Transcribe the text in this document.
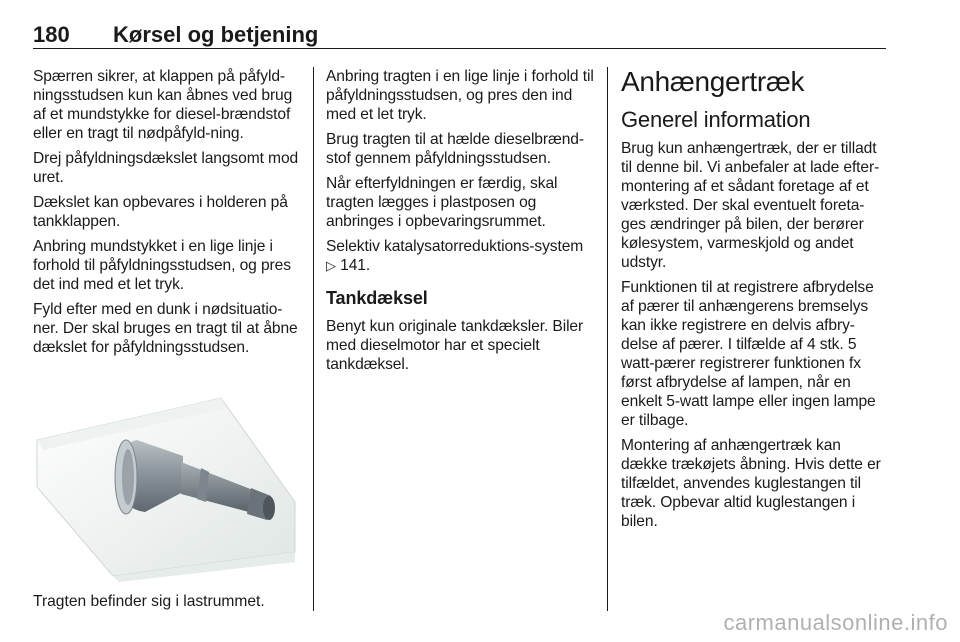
180 Kørsel og betjening

Spærren sikrer, at klappen på påfyld-ningsstudsen kun kan åbnes ved brug af et mundstykke for diesel-brændstof eller en tragt til nødpåfyld-ning.

Drej påfyldningsdækslet langsomt mod uret.

Dækslet kan opbevares i holderen på tankklappen.

Anbring mundstykket i en lige linje i forhold til påfyldningsstudsen, og pres det ind med et let tryk.

Fyld efter med en dunk i nødsituatio-ner. Der skal bruges en tragt til at åbne dækslet for påfyldningsstudsen.

Tragten befinder sig i lastrummet.

Anbring tragten i en lige linje i forhold til påfyldningsstudsen, og pres den ind med et let tryk.

Brug tragten til at hælde dieselbrænd-stof gennem påfyldningsstudsen.

Når efterfyldningen er færdig, skal tragten lægges i plastposen og anbringes i opbevaringsrummet.

Selektiv katalysatorreduktions-system ▷ 141.

Tankdæksel

Benyt kun originale tankdæksler. Biler med dieselmotor har et specielt tankdæksel.

Anhængertræk
Generel information

Brug kun anhængertræk, der er tilladt til denne bil. Vi anbefaler at lade efter-montering af et sådant foretage af et værksted. Der skal eventuelt foreta-ges ændringer på bilen, der berører kølesystem, varmeskjold og andet udstyr.

Funktionen til at registrere afbrydelse af pærer til anhængerens bremselys kan ikke registrere en delvis afbry-delse af pærer. I tilfælde af 4 stk. 5 watt-pærer registrerer funktionen fx først afbrydelse af lampen, når en enkelt 5-watt lampe eller ingen lampe er tilbage.

Montering af anhængertræk kan dække trækøjets åbning. Hvis dette er tilfældet, anvendes kuglestangen til træk. Opbevar altid kuglestangen i bilen.

carmanualsonline.info
